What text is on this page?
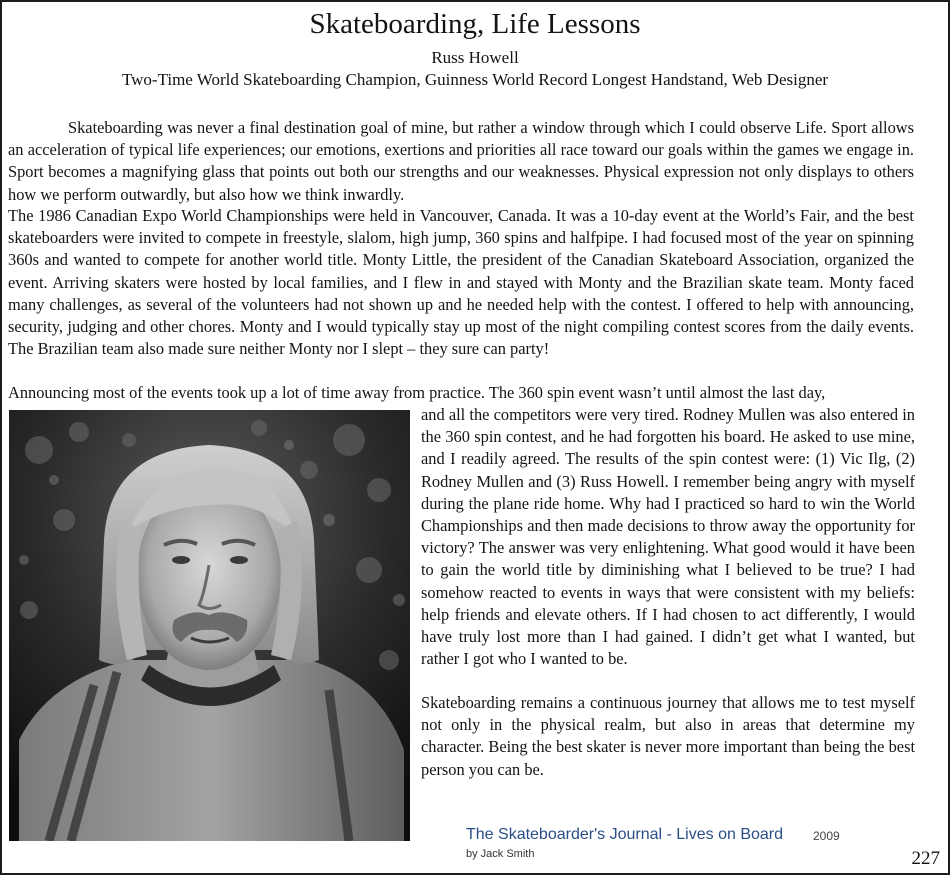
Skateboarding, Life Lessons
Russ Howell
Two-Time World Skateboarding Champion, Guinness World Record Longest Handstand, Web Designer

Skateboarding was never a final destination goal of mine, but rather a window through which I could observe Life. Sport allows an acceleration of typical life experiences; our emotions, exertions and priorities all race toward our goals within the games we engage in. Sport becomes a magnifying glass that points out both our strengths and our weaknesses. Physical expression not only displays to others how we perform outwardly, but also how we think inwardly.

The 1986 Canadian Expo World Championships were held in Vancouver, Canada. It was a 10-day event at the World’s Fair, and the best skateboarders were invited to compete in freestyle, slalom, high jump, 360 spins and halfpipe. I had focused most of the year on spinning 360s and wanted to compete for another world title. Monty Little, the president of the Canadian Skateboard Association, organized the event. Arriving skaters were hosted by local families, and I flew in and stayed with Monty and the Brazilian skate team. Monty faced many challenges, as several of the volunteers had not shown up and he needed help with the contest. I offered to help with announcing, security, judging and other chores. Monty and I would typically stay up most of the night compiling contest scores from the daily events. The Brazilian team also made sure neither Monty nor I slept – they sure can party!

Announcing most of the events took up a lot of time away from practice. The 360 spin event wasn’t until almost the last day,

and all the competitors were very tired. Rodney Mullen was also entered in the 360 spin contest, and he had forgotten his board. He asked to use mine, and I readily agreed. The results of the spin contest were: (1) Vic Ilg, (2) Rodney Mullen and (3) Russ Howell. I remember being angry with myself during the plane ride home. Why had I practiced so hard to win the World Championships and then made decisions to throw away the opportunity for victory? The answer was very enlightening. What good would it have been to gain the world title by diminishing what I believed to be true? I had somehow reacted to events in ways that were consistent with my beliefs: help friends and elevate others. If I had chosen to act differently, I would have truly lost more than I had gained. I didn’t get what I wanted, but rather I got who I wanted to be.

Skateboarding remains a continuous journey that allows me to test myself not only in the physical realm, but also in areas that determine my character. Being the best skater is never more important than being the best person you can be.

The Skateboarder's Journal - Lives on Board 2009
by Jack Smith	227
